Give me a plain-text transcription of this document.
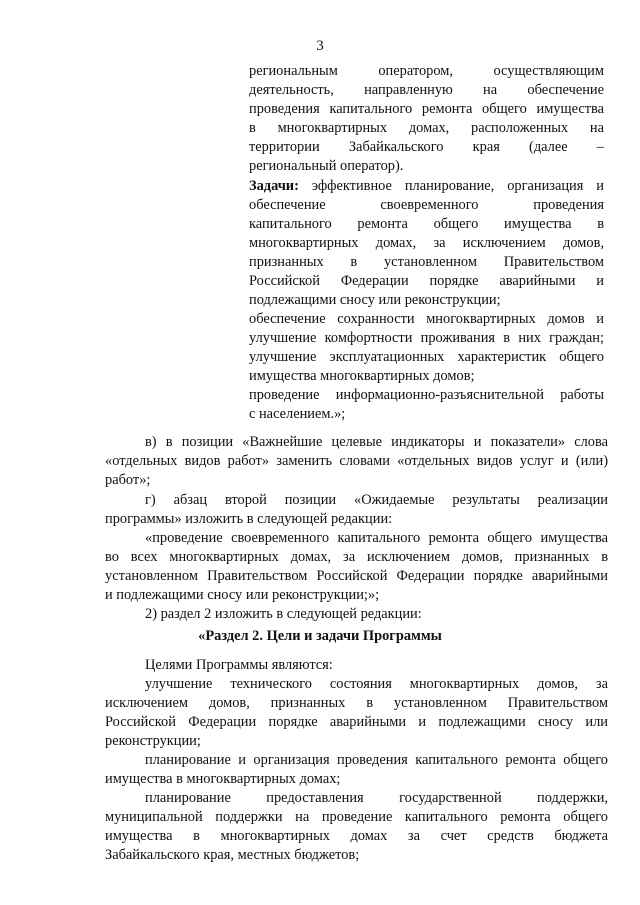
3
региональным оператором, осуществляющим
деятельность, направленную на обеспечение
проведения капитального ремонта общего имущества
в многоквартирных домах, расположенных на
территории Забайкальского края (далее –
региональный оператор).
Задачи: эффективное планирование, организация и
обеспечение своевременного проведения
капитального ремонта общего имущества в
многоквартирных домах, за исключением домов,
признанных в установленном Правительством
Российской Федерации порядке аварийными и
подлежащими сносу или реконструкции;
обеспечение сохранности многоквартирных домов и
улучшение комфортности проживания в них граждан;
улучшение эксплуатационных характеристик общего
имущества многоквартирных домов;
проведение информационно-разъяснительной работы
с населением.»;
в) в позиции «Важнейшие целевые индикаторы и показатели» слова
«отдельных видов работ» заменить словами «отдельных видов услуг и (или)
работ»;
г) абзац второй позиции «Ожидаемые результаты реализации
программы» изложить в следующей редакции:
«проведение своевременного капитального ремонта общего имущества
во всех многоквартирных домах, за исключением домов, признанных в
установленном Правительством Российской Федерации порядке аварийными
и подлежащими сносу или реконструкции;»;
2) раздел 2 изложить в следующей редакции:
«Раздел 2. Цели и задачи Программы
Целями Программы являются:
улучшение технического состояния многоквартирных домов, за
исключением домов, признанных в установленном Правительством
Российской Федерации порядке аварийными и подлежащими сносу или
реконструкции;
планирование и организация проведения капитального ремонта общего
имущества в многоквартирных домах;
планирование предоставления государственной поддержки,
муниципальной поддержки на проведение капитального ремонта общего
имущества в многоквартирных домах за счет средств бюджета
Забайкальского края, местных бюджетов;
